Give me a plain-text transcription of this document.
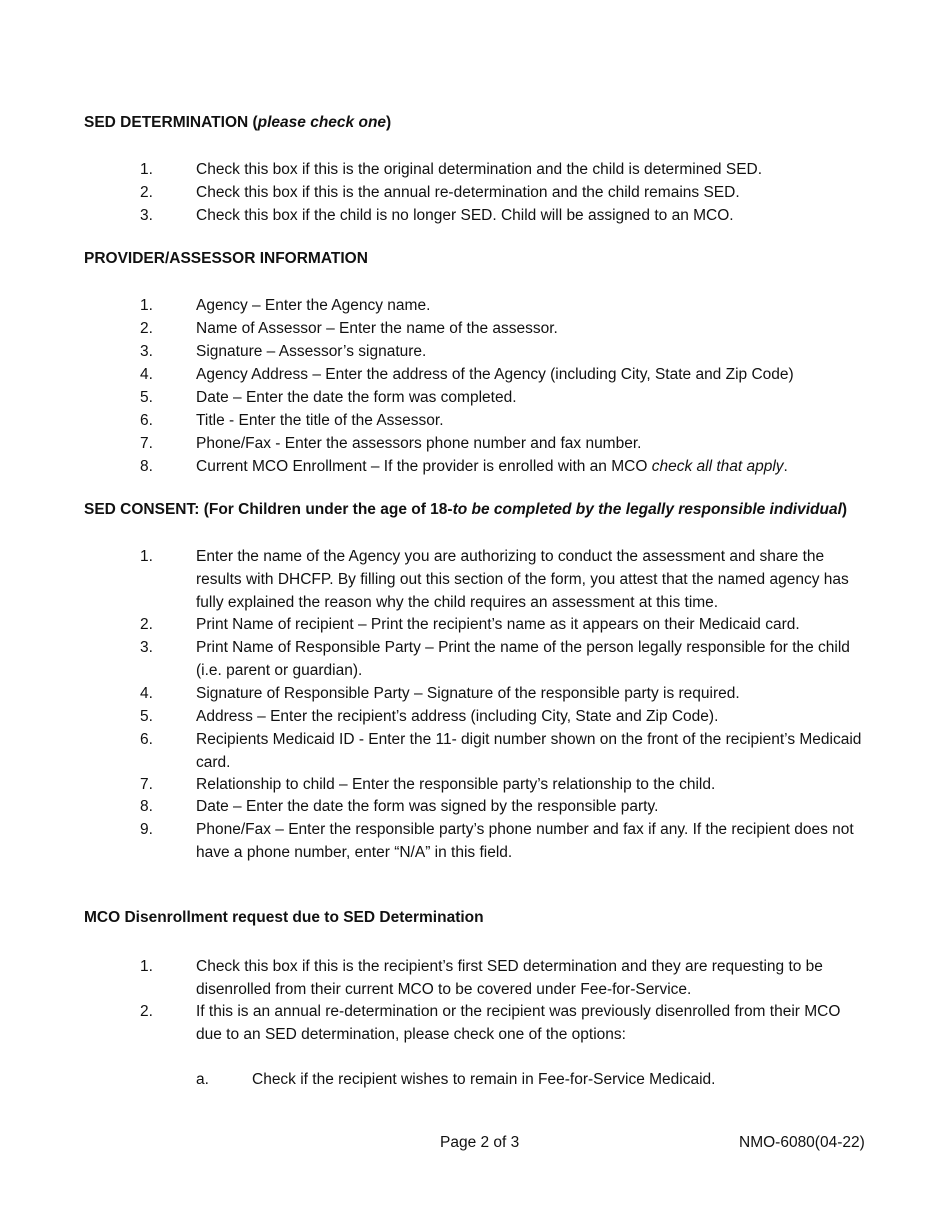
SED DETERMINATION (please check one)
1.	Check this box if this is the original determination and the child is determined SED.
2.	Check this box if this is the annual re-determination and the child remains SED.
3.	Check this box if the child is no longer SED. Child will be assigned to an MCO.
PROVIDER/ASSESSOR INFORMATION
1.	Agency – Enter the Agency name.
2.	Name of Assessor – Enter the name of the assessor.
3.	Signature – Assessor’s signature.
4.	Agency Address – Enter the address of the Agency (including City, State and Zip Code)
5.	Date – Enter the date the form was completed.
6.	Title - Enter the title of the Assessor.
7.	Phone/Fax - Enter the assessors phone number and fax number.
8.	Current MCO Enrollment – If the provider is enrolled with an MCO check all that apply.
SED CONSENT: (For Children under the age of 18-to be completed by the legally responsible individual)
1.	Enter the name of the Agency you are authorizing to conduct the assessment and share the results with DHCFP. By filling out this section of the form, you attest that the named agency has fully explained the reason why the child requires an assessment at this time.
2.	Print Name of recipient – Print the recipient’s name as it appears on their Medicaid card.
3.	Print Name of Responsible Party – Print the name of the person legally responsible for the child (i.e. parent or guardian).
4.	Signature of Responsible Party – Signature of the responsible party is required.
5.	Address – Enter the recipient’s address (including City, State and Zip Code).
6.	Recipients Medicaid ID - Enter the 11- digit number shown on the front of the recipient’s Medicaid card.
7.	Relationship to child – Enter the responsible party’s relationship to the child.
8.	Date – Enter the date the form was signed by the responsible party.
9.	Phone/Fax – Enter the responsible party’s phone number and fax if any. If the recipient does not have a phone number, enter “N/A” in this field.
MCO Disenrollment request due to SED Determination
1.	Check this box if this is the recipient’s first SED determination and they are requesting to be disenrolled from their current MCO to be covered under Fee-for-Service.
2.	If this is an annual re-determination or the recipient was previously disenrolled from their MCO due to an SED determination, please check one of the options:
a.	Check if the recipient wishes to remain in Fee-for-Service Medicaid.
Page 2 of 3	NMO-6080(04-22)
